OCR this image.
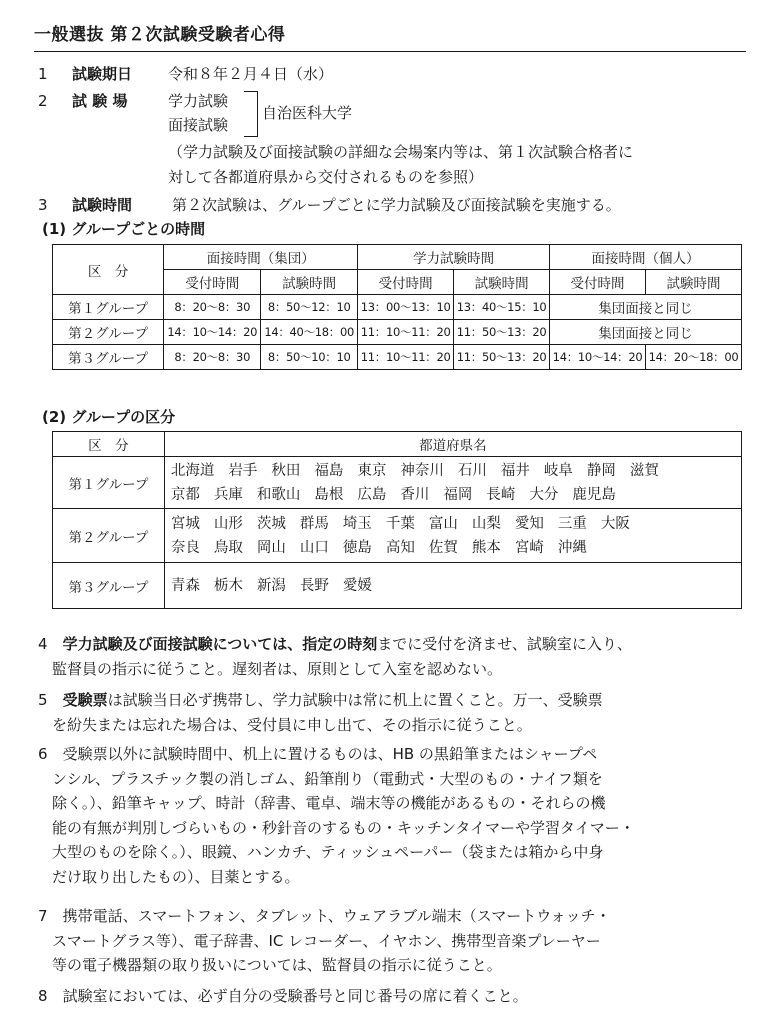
一般選抜 第２次試験受験者心得
1 試験期日 令和８年２月４日（水）
2 試 験 場	学力試験
面接試験
自治医科大学
（学力試験及び面接試験の詳細な会場案内等は、第１次試験合格者に
対して各都道府県から交付されるものを参照）
3 試験時間	第２次試験は、グループごとに学力試験及び面接試験を実施する。
(1) グループごとの時間
区　分	面接時間（集団）		学力試験時間		面接時間（個人）	
	受付時間	試験時間	受付時間	試験時間	受付時間	試験時間
第１グループ	8：20～8：30	8：50～12：10	13：00～13：10	13：40～15：10	集団面接と同じ	
第２グループ	14：10～14：20	14：40～18：00	11：10～11：20	11：50～13：20	集団面接と同じ	
第３グループ	8：20～8：30	8：50～10：10	11：10～11：20	11：50～13：20	14：10～14：20	14：20～18：00
(2) グループの区分
区　分	都道府県名
第１グループ	北海道 岩手 秋田 福島 東京 神奈川 石川 福井 岐阜 静岡 滋賀
京都 兵庫 和歌山 島根 広島 香川 福岡 長崎 大分 鹿児島

第２グループ	宮城 山形 茨城 群馬 埼玉 千葉 富山 山梨 愛知 三重 大阪
奈良 鳥取 岡山 山口 徳島 高知 佐賀 熊本 宮崎 沖縄

第３グループ	青森 栃木 新潟 長野 愛媛
4　 学力試験及び面接試験については、指定の時刻までに受付を済ませ、試験室に入り、
監督員の指示に従うこと。遅刻者は、原則として入室を認めない。
5　 受験票は試験当日必ず携帯し、学力試験中は常に机上に置くこと。万一、受験票
を紛失または忘れた場合は、受付員に申し出て、その指示に従うこと。
6　 受験票以外に試験時間中、机上に置けるものは、HB の黒鉛筆またはシャープペ
ンシル、プラスチック製の消しゴム、鉛筆削り（電動式・大型のもの・ナイフ類を
除く。）、鉛筆キャップ、時計（辞書、電卓、端末等の機能があるもの・それらの機
能の有無が判別しづらいもの・秒針音のするもの・キッチンタイマーや学習タイマー・
大型のものを除く。）、眼鏡、ハンカチ、ティッシュペーパー（袋または箱から中身
だけ取り出したもの）、目薬とする。
7　 携帯電話、スマートフォン、タブレット、ウェアラブル端末（スマートウォッチ・
スマートグラス等）、電子辞書、IC レコーダー、イヤホン、携帯型音楽プレーヤー
等の電子機器類の取り扱いについては、監督員の指示に従うこと。
8　 試験室においては、必ず自分の受験番号と同じ番号の席に着くこと。
